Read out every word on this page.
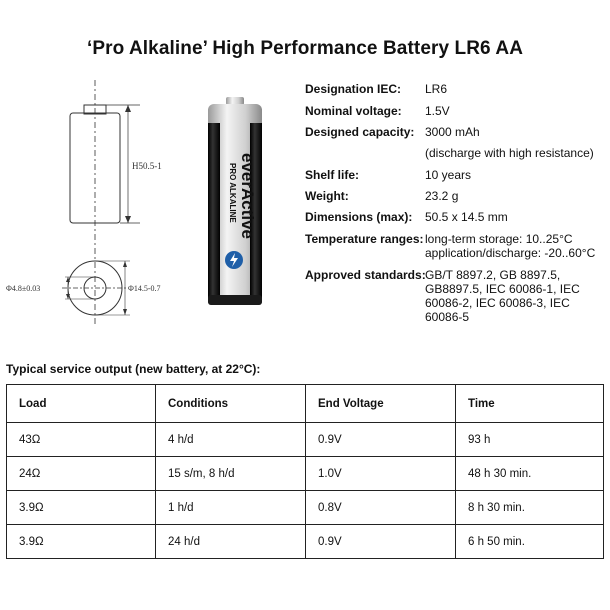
‘Pro Alkaline’ High Performance Battery LR6 AA
H50.5-1
Φ4.8±0.03	Φ14.5-0.7
everActive
PRO ALKALINE
Designation IEC: LR6
Nominal voltage: 1.5V
Designed capacity: 3000 mAh
(discharge with high resistance)
Shelf life:	10 years
Weight:	23.2 g
Dimensions (max): 50.5 x 14.5 mm
Temperature ranges: long-term storage: 10..25°C
application/discharge: -20..60°C
Approved standards: GB/T 8897.2, GB 8897.5, GB8897.5, IEC 60086-1, IEC 60086-2, IEC 60086-3, IEC 60086-5
Typical service output (new battery, at 22°C):
Load	Conditions	End Voltage	Time
43Ω	4 h/d	0.9V	93 h
24Ω	15 s/m, 8 h/d	1.0V	48 h 30 min.
3.9Ω	1 h/d	0.8V	8 h 30 min.
3.9Ω	24 h/d	0.9V	6 h 50 min.
